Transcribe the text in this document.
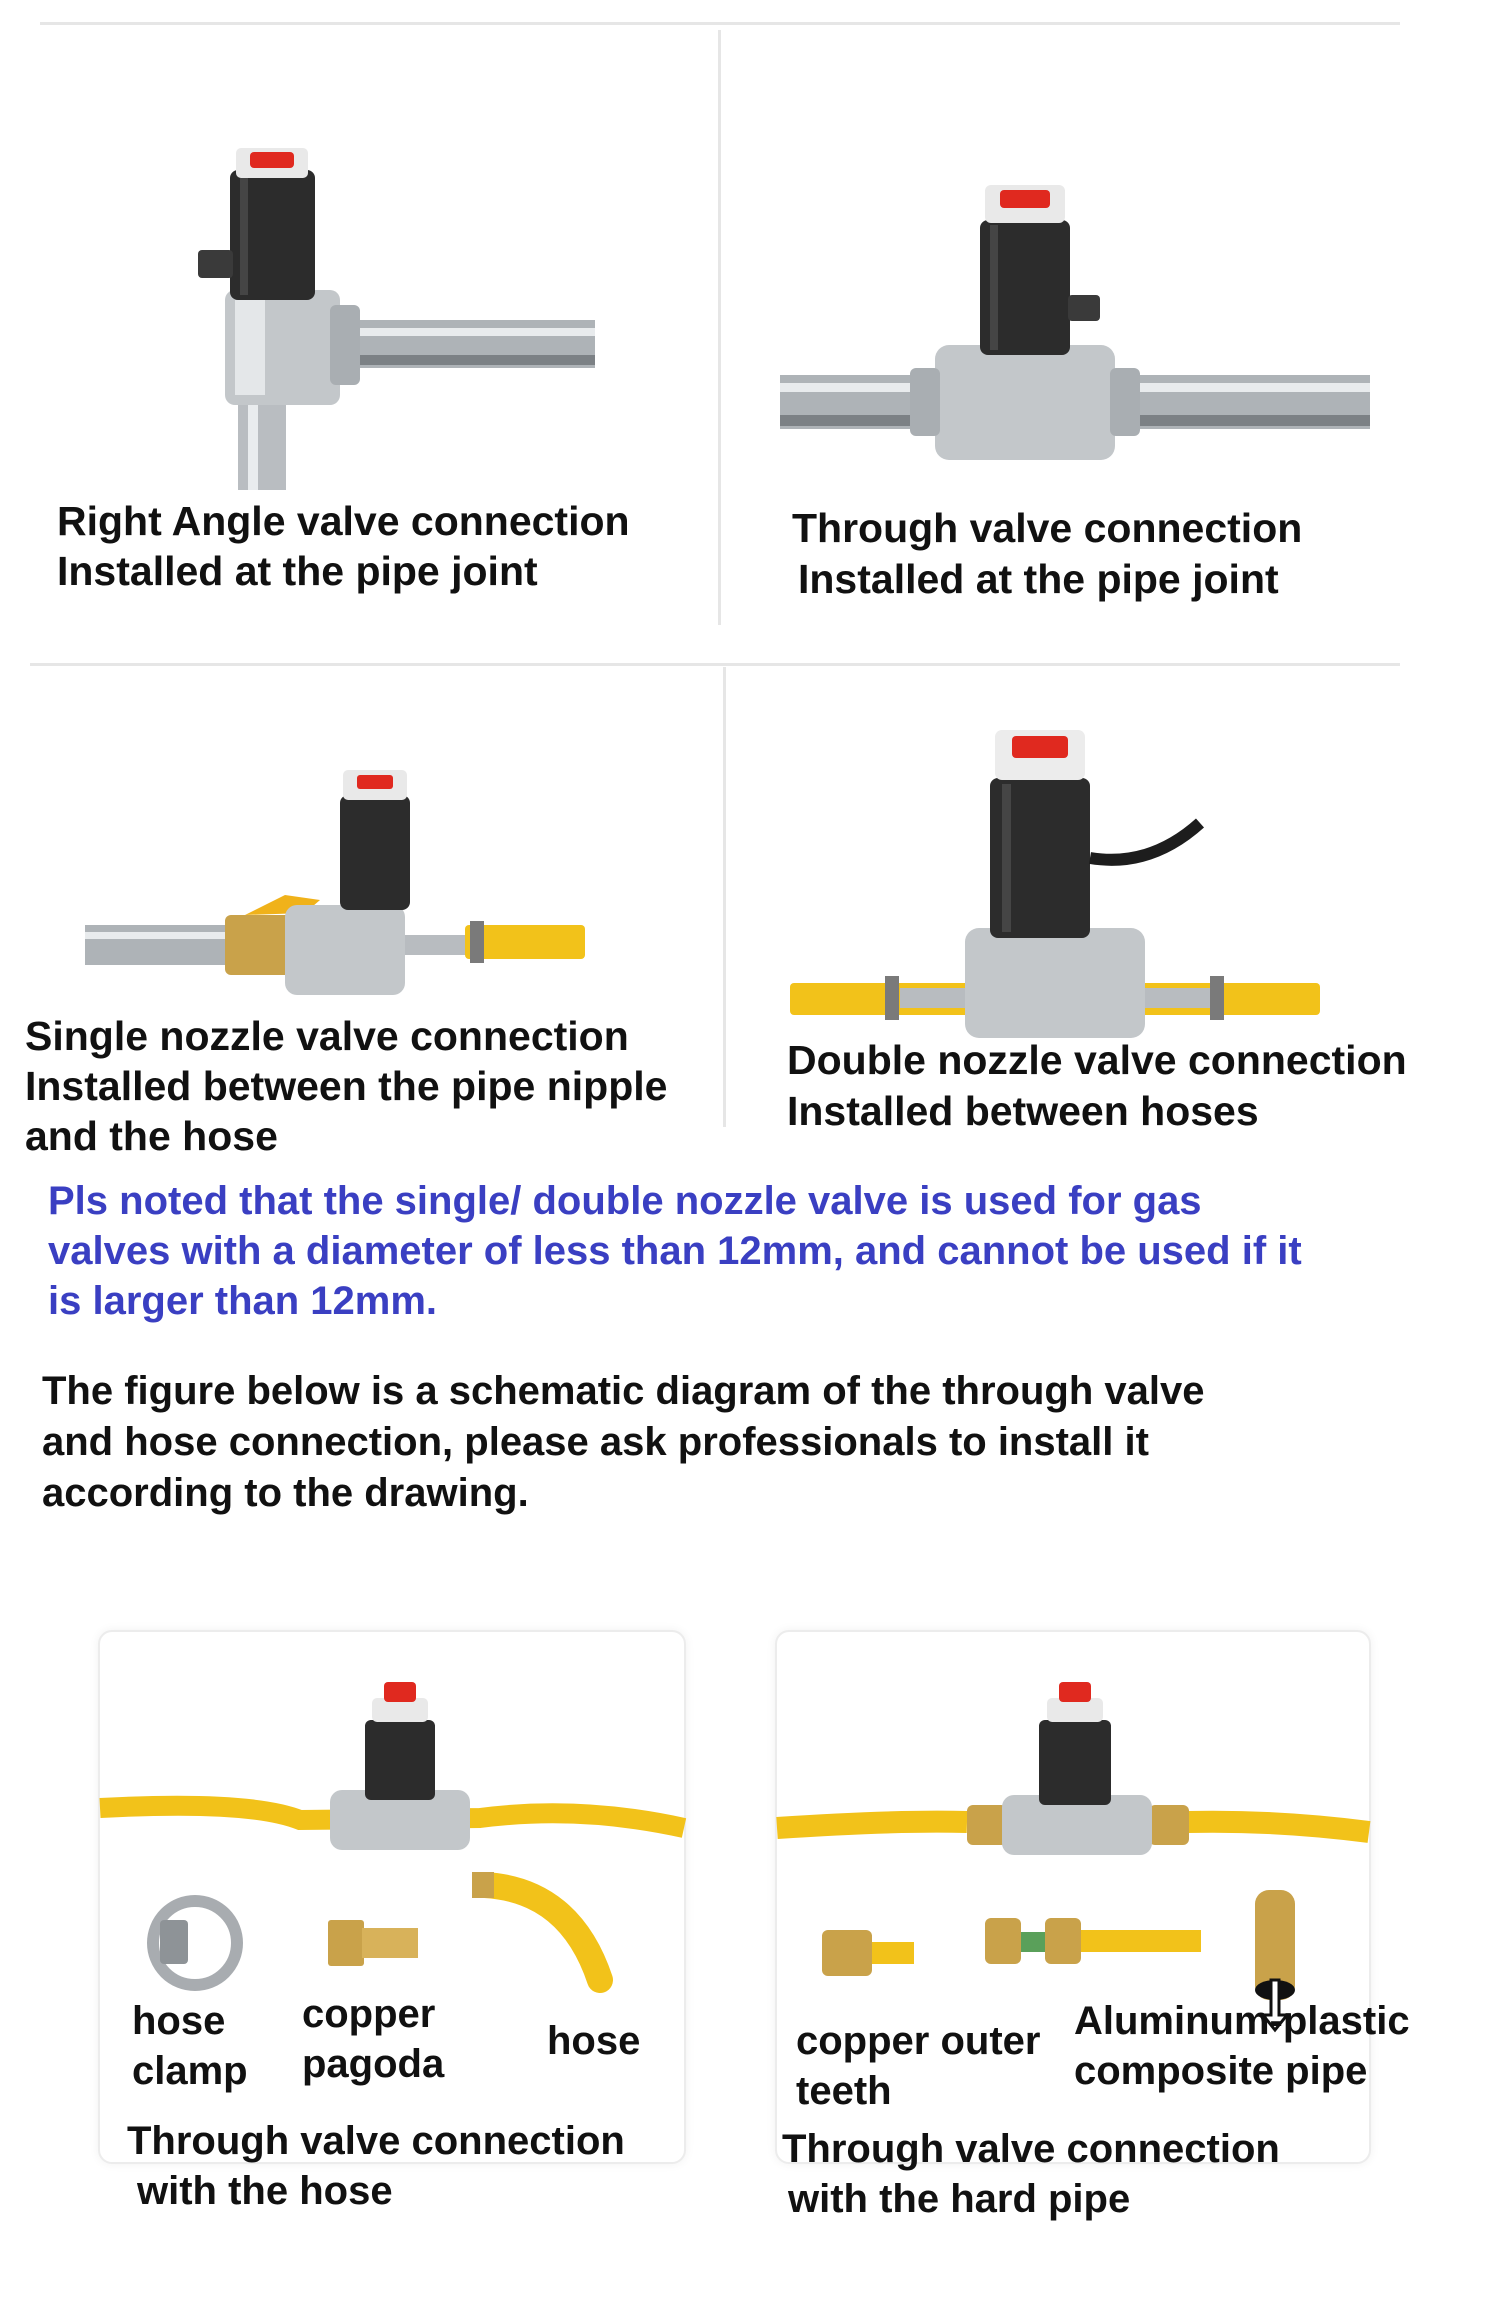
Right Angle valve connection
Installed at the pipe joint
Through valve connection
Installed at the pipe joint
Single nozzle valve connection
Installed between the pipe nipple
and the hose
Double nozzle valve connection
Installed between hoses
Pls noted that the single/ double nozzle valve is used for gas
valves with a diameter of less than 12mm, and cannot be used if it
is larger than 12mm.
The figure below is a schematic diagram of the through valve
and hose connection, please ask professionals to install it
according to the drawing.
hose
clamp
copper
pagoda
hose
Through valve connection
with the hose
copper outer
teeth
Aluminum-plastic
composite pipe
Through valve connection
with the hard pipe
